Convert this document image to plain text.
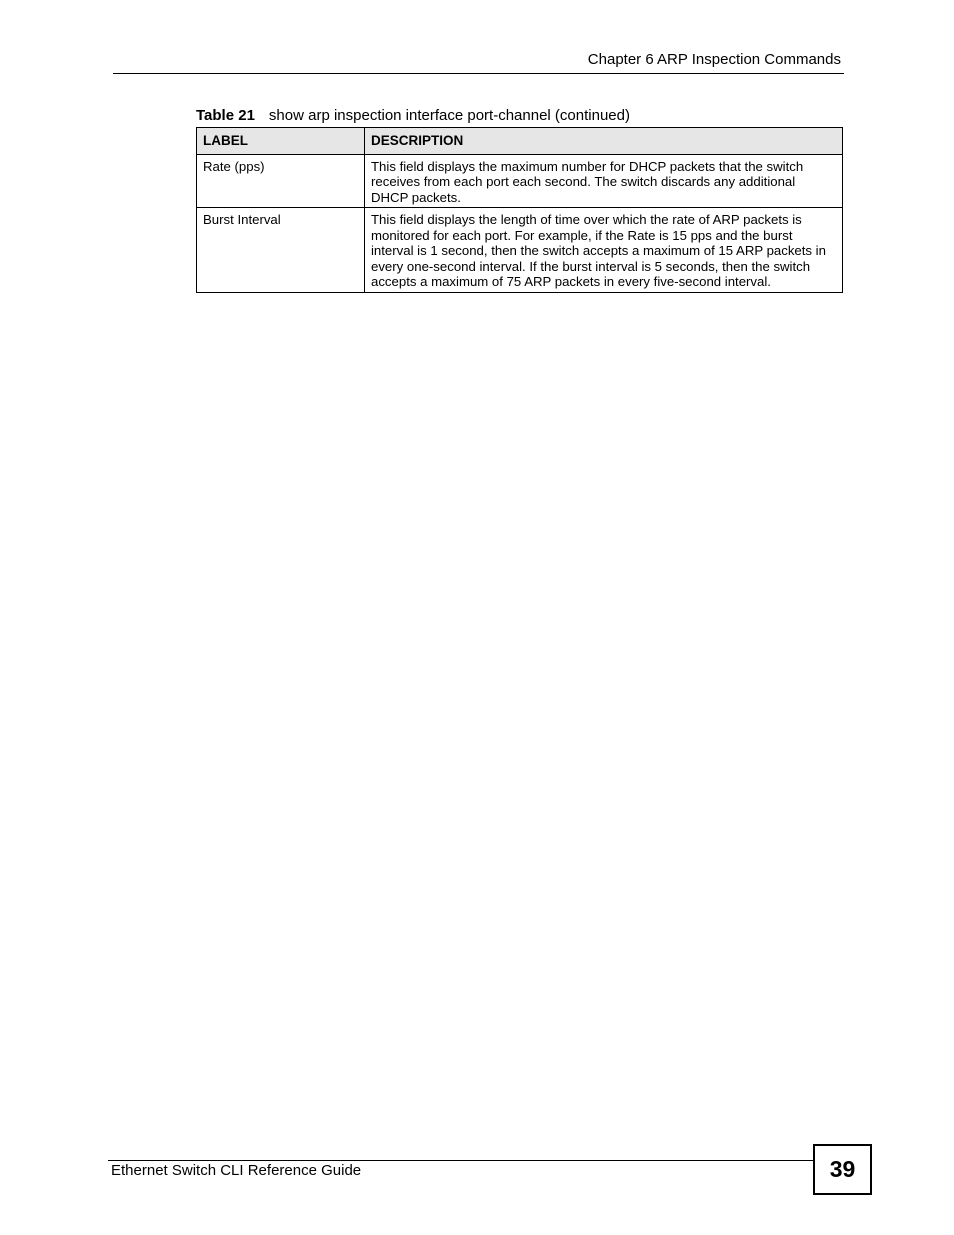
Chapter 6 ARP Inspection Commands
Table 21 show arp inspection interface port-channel (continued)
LABEL	DESCRIPTION
Rate (pps)	This field displays the maximum number for DHCP packets that the switch receives from each port each second. The switch discards any additional DHCP packets.
Burst Interval	This field displays the length of time over which the rate of ARP packets is monitored for each port. For example, if the Rate is 15 pps and the burst interval is 1 second, then the switch accepts a maximum of 15 ARP packets in every one-second interval. If the burst interval is 5 seconds, then the switch accepts a maximum of 75 ARP packets in every five-second interval.
Ethernet Switch CLI Reference Guide	39
